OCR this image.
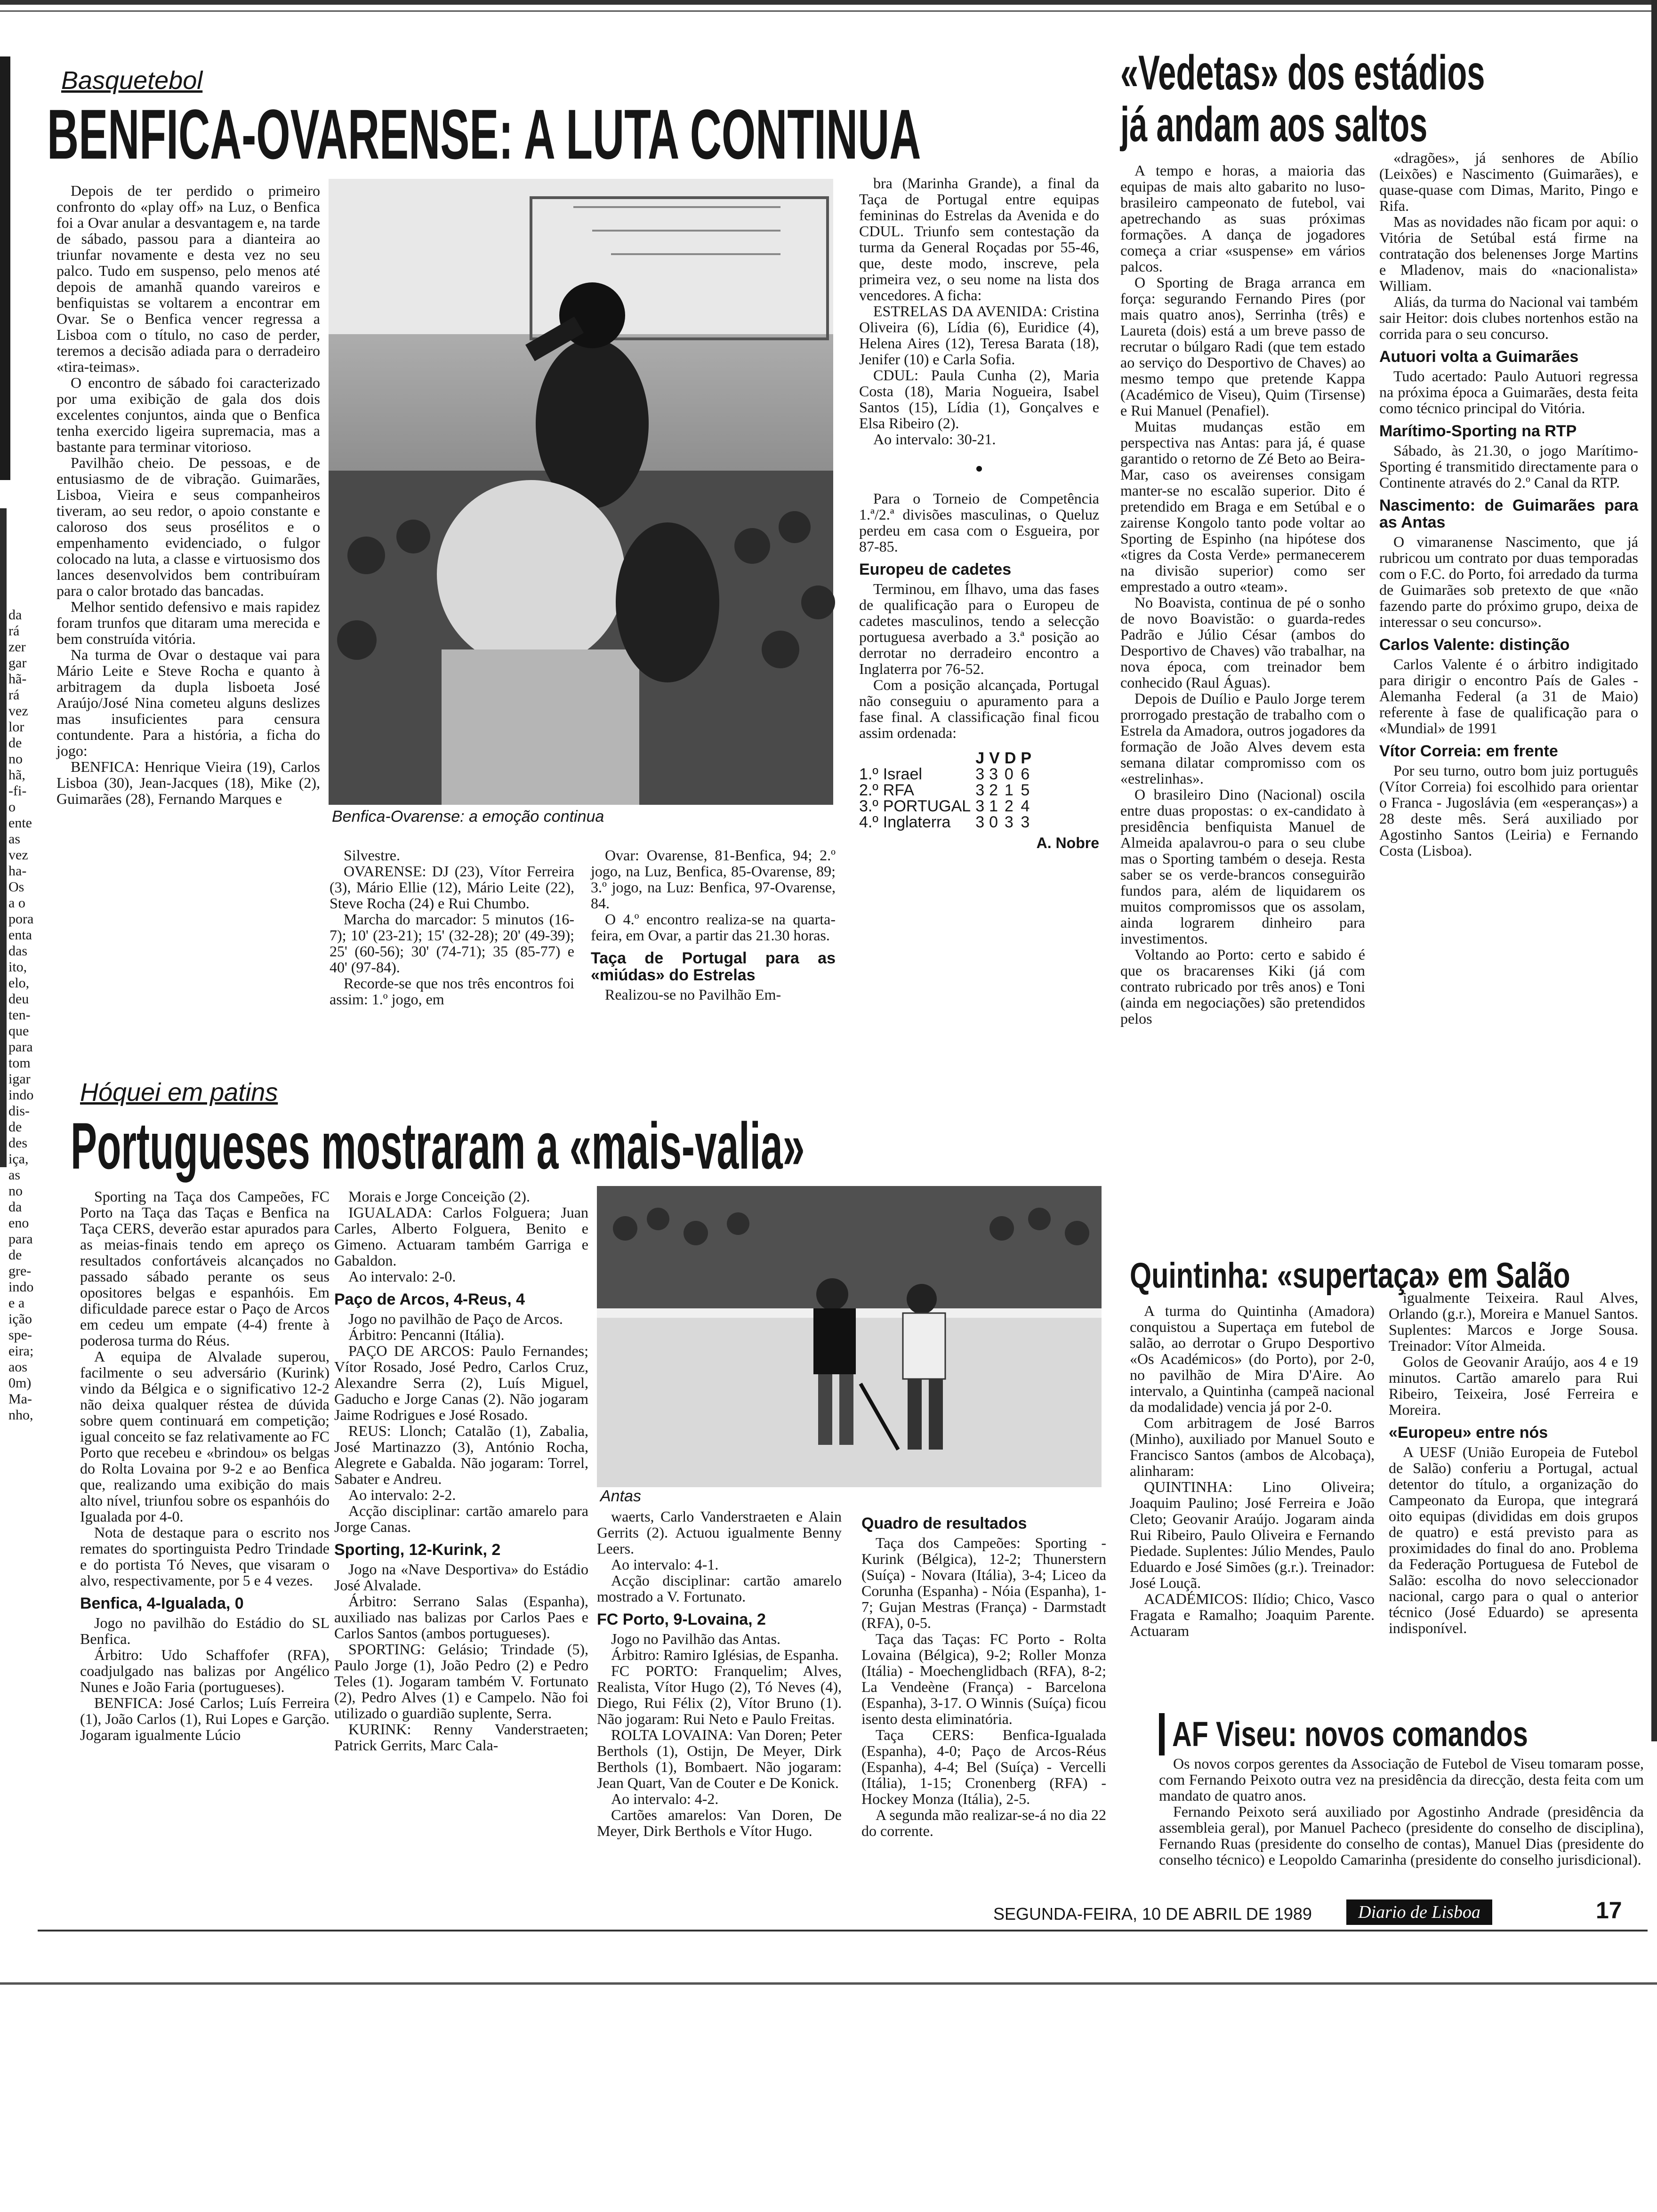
da
rá
zer
gar
hã-
rá
vez
lor
de
no
hã,
-fi-
o
ente
as
vez
ha-
Os
a o
pora
enta
das
ito,
elo,
deu
ten-
que
para
tom
igar
indo
dis-
de
des
iça,
as
no
da
eno
para
de
gre-
indo
e a
ição
spe-
eira;
aos
0m)
Ma-
nho,
Basquetebol
BENFICA-OVARENSE: A LUTA CONTINUA
Benfica-Ovarense: a emoção continua

Depois de ter perdido o primeiro confronto do «play off» na Luz, o Benfica foi a Ovar anular a desvantagem e, na tarde de sábado, passou para a dianteira ao triunfar novamente e desta vez no seu palco. Tudo em suspenso, pelo menos até depois de amanhã quando vareiros e benfiquistas se voltarem a encontrar em Ovar. Se o Benfica vencer regressa a Lisboa com o título, no caso de perder, teremos a decisão adiada para o derradeiro «tira-teimas».

O encontro de sábado foi caracterizado por uma exibição de gala dos dois excelentes conjuntos, ainda que o Benfica tenha exercido ligeira supremacia, mas a bastante para terminar vitorioso.

Pavilhão cheio. De pessoas, e de entusiasmo de de vibração. Guimarães, Lisboa, Vieira e seus companheiros tiveram, ao seu redor, o apoio constante e caloroso dos seus prosélitos e o empenhamento evidenciado, o fulgor colocado na luta, a classe e virtuosismo dos lances desenvolvidos bem contribuíram para o calor brotado das bancadas.

Melhor sentido defensivo e mais rapidez foram trunfos que ditaram uma merecida e bem construída vitória.

Na turma de Ovar o destaque vai para Mário Leite e Steve Rocha e quanto à arbitragem da dupla lisboeta José Araújo/José Nina cometeu alguns deslizes mas insuficientes para censura contundente. Para a história, a ficha do jogo:

BENFICA: Henrique Vieira (19), Carlos Lisboa (30), Jean-Jacques (18), Mike (2), Guimarães (28), Fernando Marques e

Silvestre.

OVARENSE: DJ (23), Vítor Ferreira (3), Mário Ellie (12), Mário Leite (22), Steve Rocha (24) e Rui Chumbo.

Marcha do marcador: 5 minutos (16-7); 10' (23-21); 15' (32-28); 20' (49-39); 25' (60-56); 30' (74-71); 35 (85-77) e 40' (97-84).

Recorde-se que nos três encontros foi assim: 1.º jogo, em

Ovar: Ovarense, 81-Benfica, 94; 2.º jogo, na Luz, Benfica, 85-Ovarense, 89; 3.º jogo, na Luz: Benfica, 97-Ovarense, 84.

O 4.º encontro realiza-se na quarta-feira, em Ovar, a partir das 21.30 horas.

Taça de Portugal para as «miúdas» do Estrelas

Realizou-se no Pavilhão Em-

bra (Marinha Grande), a final da Taça de Portugal entre equipas femininas do Estrelas da Avenida e do CDUL. Triunfo sem contestação da turma da General Roçadas por 55-46, que, deste modo, inscreve, pela primeira vez, o seu nome na lista dos vencedores. A ficha:

ESTRELAS DA AVENIDA: Cristina Oliveira (6), Lídia (6), Euridice (4), Helena Aires (12), Teresa Barata (18), Jenifer (10) e Carla Sofia.

CDUL: Paula Cunha (2), Maria Costa (18), Maria Nogueira, Isabel Santos (15), Lídia (1), Gonçalves e Elsa Ribeiro (2).

Ao intervalo: 30-21.

Para o Torneio de Competência 1.ª/2.ª divisões masculinas, o Queluz perdeu em casa com o Esgueira, por 87-85.

Europeu de cadetes

Terminou, em Ílhavo, uma das fases de qualificação para o Europeu de cadetes masculinos, tendo a selecção portuguesa averbado a 3.ª posição ao derrotar no derradeiro encontro a Inglaterra por 76-52.

Com a posição alcançada, Portugal não conseguiu o apuramento para a fase final. A classificação final ficou assim ordenada:

		J	V	D	P
1.º	Israel	3	3	0	6
2.º	RFA	3	2	1	5
3.º	PORTUGAL	3	1	2	4
4.º	Inglaterra	3	0	3	3
A. Nobre
«Vedetas» dos estádios
já andam aos saltos

A tempo e horas, a maioria das equipas de mais alto gabarito no luso-brasileiro campeonato de futebol, vai apetrechando as suas próximas formações. A dança de jogadores começa a criar «suspense» em vários palcos.

O Sporting de Braga arranca em força: segurando Fernando Pires (por mais quatro anos), Serrinha (três) e Laureta (dois) está a um breve passo de recrutar o búlgaro Radi (que tem estado ao serviço do Desportivo de Chaves) ao mesmo tempo que pretende Kappa (Académico de Viseu), Quim (Tirsense) e Rui Manuel (Penafiel).

Muitas mudanças estão em perspectiva nas Antas: para já, é quase garantido o retorno de Zé Beto ao Beira-Mar, caso os aveirenses consigam manter-se no escalão superior. Dito é pretendido em Braga e em Setúbal e o zairense Kongolo tanto pode voltar ao Sporting de Espinho (na hipótese dos «tigres da Costa Verde» permanecerem na divisão superior) como ser emprestado a outro «team».

No Boavista, continua de pé o sonho de novo Boavistão: o guarda-redes Padrão e Júlio César (ambos do Desportivo de Chaves) vão trabalhar, na nova época, com treinador bem conhecido (Raul Águas).

Depois de Duílio e Paulo Jorge terem prorrogado prestação de trabalho com o Estrela da Amadora, outros jogadores da formação de João Alves devem esta semana dilatar compromisso com os «estrelinhas».

O brasileiro Dino (Nacional) oscila entre duas propostas: o ex-candidato à presidência benfiquista Manuel de Almeida apalavrou-o para o seu clube mas o Sporting também o deseja. Resta saber se os verde-brancos conseguirão fundos para, além de liquidarem os muitos compromissos que os assolam, ainda lograrem dinheiro para investimentos.

Voltando ao Porto: certo e sabido é que os bracarenses Kiki (já com contrato rubricado por três anos) e Toni (ainda em negociações) são pretendidos pelos

«dragões», já senhores de Abílio (Leixões) e Nascimento (Guimarães), e quase-quase com Dimas, Marito, Pingo e Rifa.

Mas as novidades não ficam por aqui: o Vitória de Setúbal está firme na contratação dos belenenses Jorge Martins e Mladenov, mais do «nacionalista» William.

Aliás, da turma do Nacional vai também sair Heitor: dois clubes nortenhos estão na corrida para o seu concurso.

Autuori volta a Guimarães

Tudo acertado: Paulo Autuori regressa na próxima época a Guimarães, desta feita como técnico principal do Vitória.

Marítimo-Sporting na RTP

Sábado, às 21.30, o jogo Marítimo-Sporting é transmitido directamente para o Continente através do 2.º Canal da RTP.

Nascimento: de Guimarães para as Antas

O vimaranense Nascimento, que já rubricou um contrato por duas temporadas com o F.C. do Porto, foi arredado da turma de Guimarães sob pretexto de que «não fazendo parte do próximo grupo, deixa de interessar o seu concurso».

Carlos Valente: distinção

Carlos Valente é o árbitro indigitado para dirigir o encontro País de Gales - Alemanha Federal (a 31 de Maio) referente à fase de qualificação para o «Mundial» de 1991

Vítor Correia: em frente

Por seu turno, outro bom juiz português (Vítor Correia) foi escolhido para orientar o Franca - Jugoslávia (em «esperanças») a 28 deste mês. Será auxiliado por Agostinho Santos (Leiria) e Fernando Costa (Lisboa).

Hóquei em patins
Portugueses mostraram a «mais-valia»
Antas

Sporting na Taça dos Campeões, FC Porto na Taça das Taças e Benfica na Taça CERS, deverão estar apurados para as meias-finais tendo em apreço os resultados confortáveis alcançados no passado sábado perante os seus opositores belgas e espanhóis. Em dificuldade parece estar o Paço de Arcos em cedeu um empate (4-4) frente à poderosa turma do Réus.

A equipa de Alvalade superou, facilmente o seu adversário (Kurink) vindo da Bélgica e o significativo 12-2 não deixa qualquer réstea de dúvida sobre quem continuará em competição; igual conceito se faz relativamente ao FC Porto que recebeu e «brindou» os belgas do Rolta Lovaina por 9-2 e ao Benfica que, realizando uma exibição do mais alto nível, triunfou sobre os espanhóis do Igualada por 4-0.

Nota de destaque para o escrito nos remates do sportinguista Pedro Trindade e do portista Tó Neves, que visaram o alvo, respectivamente, por 5 e 4 vezes.

Benfica, 4-Igualada, 0

Jogo no pavilhão do Estádio do SL Benfica.

Árbitro: Udo Schaffofer (RFA), coadjulgado nas balizas por Angélico Nunes e João Faria (portugueses).

BENFICA: José Carlos; Luís Ferreira (1), João Carlos (1), Rui Lopes e Garção. Jogaram igualmente Lúcio

Morais e Jorge Conceição (2).

IGUALADA: Carlos Folguera; Juan Carles, Alberto Folguera, Benito e Gimeno. Actuaram também Garriga e Gabaldon.

Ao intervalo: 2-0.

Paço de Arcos, 4-Reus, 4

Jogo no pavilhão de Paço de Arcos.

Árbitro: Pencanni (Itália).

PAÇO DE ARCOS: Paulo Fernandes; Vítor Rosado, José Pedro, Carlos Cruz, Alexandre Serra (2), Luís Miguel, Gaducho e Jorge Canas (2). Não jogaram Jaime Rodrigues e José Rosado.

REUS: Llonch; Catalão (1), Zabalia, José Martinazzo (3), António Rocha, Alegrete e Gabalda. Não jogaram: Torrel, Sabater e Andreu.

Ao intervalo: 2-2.

Acção disciplinar: cartão amarelo para Jorge Canas.

Sporting, 12-Kurink, 2

Jogo na «Nave Desportiva» do Estádio José Alvalade.

Árbitro: Serrano Salas (Espanha), auxiliado nas balizas por Carlos Paes e Carlos Santos (ambos portugueses).

SPORTING: Gelásio; Trindade (5), Paulo Jorge (1), João Pedro (2) e Pedro Teles (1). Jogaram também V. Fortunato (2), Pedro Alves (1) e Campelo. Não foi utilizado o guardião suplente, Serra.

KURINK: Renny Vanderstraeten; Patrick Gerrits, Marc Cala-

waerts, Carlo Vanderstraeten e Alain Gerrits (2). Actuou igualmente Benny Leers.

Ao intervalo: 4-1.

Acção disciplinar: cartão amarelo mostrado a V. Fortunato.

FC Porto, 9-Lovaina, 2

Jogo no Pavilhão das Antas.

Árbitro: Ramiro Iglésias, de Espanha.

FC PORTO: Franquelim; Alves, Realista, Vítor Hugo (2), Tó Neves (4), Diego, Rui Félix (2), Vítor Bruno (1). Não jogaram: Rui Neto e Paulo Freitas.

ROLTA LOVAINA: Van Doren; Peter Berthols (1), Ostijn, De Meyer, Dirk Berthols (1), Bombaert. Não jogaram: Jean Quart, Van de Couter e De Konick.

Ao intervalo: 4-2.

Cartões amarelos: Van Doren, De Meyer, Dirk Berthols e Vítor Hugo.

Quadro de resultados

Taça dos Campeões: Sporting - Kurink (Bélgica), 12-2; Thunerstern (Suíça) - Novara (Itália), 3-4; Liceo da Corunha (Espanha) - Nóia (Espanha), 1-7; Gujan Mestras (França) - Darmstadt (RFA), 0-5.

Taça das Taças: FC Porto - Rolta Lovaina (Bélgica), 9-2; Roller Monza (Itália) - Moechenglidbach (RFA), 8-2; La Vendeène (França) - Barcelona (Espanha), 3-17. O Winnis (Suíça) ficou isento desta eliminatória.

Taça CERS: Benfica-Igualada (Espanha), 4-0; Paço de Arcos-Réus (Espanha), 4-4; Bel (Suíça) - Vercelli (Itália), 1-15; Cronenberg (RFA) - Hockey Monza (Itália), 2-5.

A segunda mão realizar-se-á no dia 22 do corrente.

Quintinha: «supertaça» em Salão

A turma do Quintinha (Amadora) conquistou a Supertaça em futebol de salão, ao derrotar o Grupo Desportivo «Os Académicos» (do Porto), por 2-0, no pavilhão de Mira D'Aire. Ao intervalo, a Quintinha (campeã nacional da modalidade) vencia já por 2-0.

Com arbitragem de José Barros (Minho), auxiliado por Manuel Souto e Francisco Santos (ambos de Alcobaça), alinharam:

QUINTINHA: Lino Oliveira; Joaquim Paulino; José Ferreira e João Cleto; Geovanir Araújo. Jogaram ainda Rui Ribeiro, Paulo Oliveira e Fernando Piedade. Suplentes: Júlio Mendes, Paulo Eduardo e José Simões (g.r.). Treinador: José Louçã.

ACADÉMICOS: Ilídio; Chico, Vasco Fragata e Ramalho; Joaquim Parente. Actuaram

igualmente Teixeira. Raul Alves, Orlando (g.r.), Moreira e Manuel Santos. Suplentes: Marcos e Jorge Sousa. Treinador: Vítor Almeida.

Golos de Geovanir Araújo, aos 4 e 19 minutos. Cartão amarelo para Rui Ribeiro, Teixeira, José Ferreira e Moreira.

«Europeu» entre nós

A UESF (União Europeia de Futebol de Salão) conferiu a Portugal, actual detentor do título, a organização do Campeonato da Europa, que integrará oito equipas (divididas em dois grupos de quatro) e está previsto para as proximidades do final do ano. Problema da Federação Portuguesa de Futebol de Salão: escolha do novo seleccionador nacional, cargo para o qual o anterior técnico (José Eduardo) se apresenta indisponível.

AF Viseu: novos comandos

Os novos corpos gerentes da Associação de Futebol de Viseu tomaram posse, com Fernando Peixoto outra vez na presidência da direcção, desta feita com um mandato de quatro anos.

Fernando Peixoto será auxiliado por Agostinho Andrade (presidência da assembleia geral), por Manuel Pacheco (presidente do conselho de disciplina), Fernando Ruas (presidente do conselho de contas), Manuel Dias (presidente do conselho técnico) e Leopoldo Camarinha (presidente do conselho jurisdicional).

SEGUNDA-FEIRA, 10 DE ABRIL DE 1989	Diario de Lisboa	17
